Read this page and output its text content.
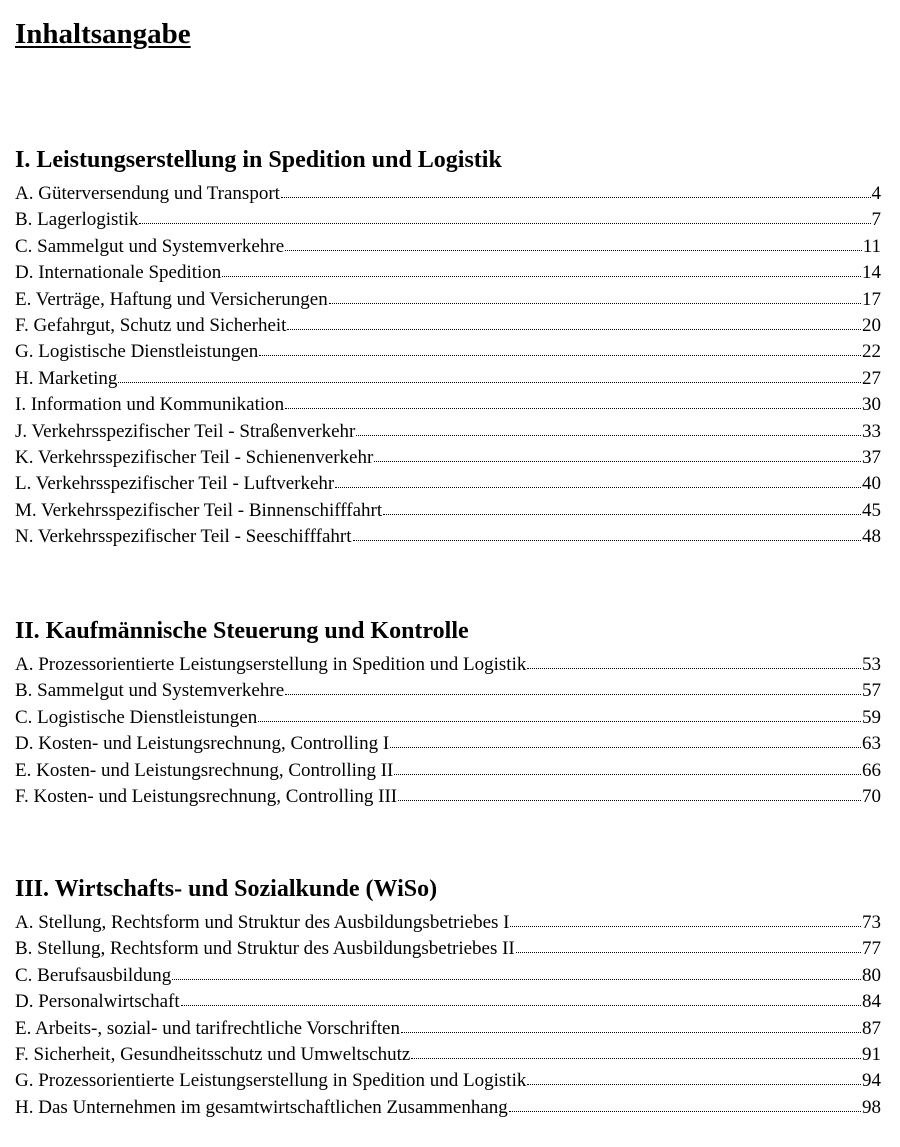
Inhaltsangabe
I. Leistungserstellung in Spedition und Logistik
A. Güterversendung und Transport	4
B. Lagerlogistik	7
C. Sammelgut und Systemverkehre	11
D. Internationale Spedition	14
E. Verträge, Haftung und Versicherungen	17
F. Gefahrgut, Schutz und Sicherheit	20
G. Logistische Dienstleistungen	22
H. Marketing	27
I. Information und Kommunikation	30
J. Verkehrsspezifischer Teil - Straßenverkehr	33
K. Verkehrsspezifischer Teil - Schienenverkehr	37
L. Verkehrsspezifischer Teil - Luftverkehr	40
M. Verkehrsspezifischer Teil - Binnenschifffahrt	45
N. Verkehrsspezifischer Teil - Seeschifffahrt	48
II. Kaufmännische Steuerung und Kontrolle
A. Prozessorientierte Leistungserstellung in Spedition und Logistik	53
B. Sammelgut und Systemverkehre	57
C. Logistische Dienstleistungen	59
D. Kosten- und Leistungsrechnung, Controlling I	63
E. Kosten- und Leistungsrechnung, Controlling II	66
F. Kosten- und Leistungsrechnung, Controlling III	70
III. Wirtschafts- und Sozialkunde (WiSo)
A. Stellung, Rechtsform und Struktur des Ausbildungsbetriebes I	73
B. Stellung, Rechtsform und Struktur des Ausbildungsbetriebes II	77
C. Berufsausbildung	80
D. Personalwirtschaft	84
E. Arbeits-, sozial- und tarifrechtliche Vorschriften	87
F. Sicherheit, Gesundheitsschutz und Umweltschutz	91
G. Prozessorientierte Leistungserstellung in Spedition und Logistik	94
H. Das Unternehmen im gesamtwirtschaftlichen Zusammenhang	98
